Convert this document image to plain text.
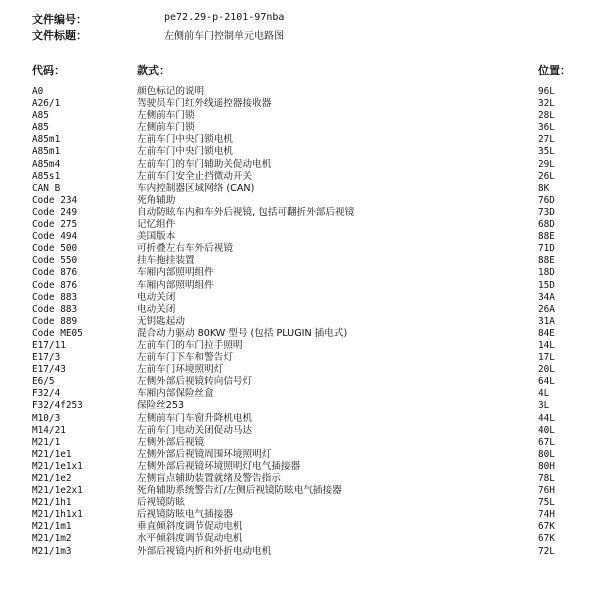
文件编号：	pe72.29-p-2101-97nba
文件标题：	左侧前车门控制单元电路图
代码：	款式：	位置：
A0	颜色标记的说明	96L
A26/1	驾驶员车门红外线遥控器接收器	32L
A85	左侧前车门锁	28L
A85	左侧前车门锁	36L
A85m1	左前车门中央门锁电机	27L
A85m1	左前车门中央门锁电机	35L
A85m4	左前车门的车门辅助关促动电机	29L
A85s1	左前车门安全止挡微动开关	26L
CAN B	车内控制器区域网络 (CAN)	8K
Code 234	死角辅助	76D
Code 249	自动防眩车内和车外后视镜, 包括可翻折外部后视镜	73D
Code 275	记忆组件	68D
Code 494	美国版本	88E
Code 500	可折叠左右车外后视镜	71D
Code 550	挂车拖挂装置	88E
Code 876	车厢内部照明组件	18D
Code 876	车厢内部照明组件	15D
Code 883	电动关闭	34A
Code 883	电动关闭	26A
Code 889	无钥匙起动	31A
Code ME05	混合动力驱动 80KW 型号 (包括 PLUGIN 插电式)	84E
E17/11	左前车门的车门拉手照明	14L
E17/3	左前车门下车和警告灯	17L
E17/43	左前车门环境照明灯	20L
E6/5	左侧外部后视镜转向信号灯	64L
F32/4	车厢内部保险丝盒	4L
F32/4f253	保险丝253	3L
M10/3	左侧前车门车窗升降机电机	44L
M14/21	左前车门电动关闭促动马达	40L
M21/1	左侧外部后视镜	67L
M21/1e1	左侧外部后视镜周围环境照明灯	80L
M21/1e1x1	左侧外部后视镜环境照明灯电气插接器	80H
M21/1e2	左侧盲点辅助装置就绪及警告指示	78L
M21/1e2x1	死角辅助系统警告灯/左侧后视镜防眩电气插接器	76H
M21/1h1	后视镜防眩	75L
M21/1h1x1	后视镜防眩电气插接器	74H
M21/1m1	垂直倾斜度调节促动电机	67K
M21/1m2	水平倾斜度调节促动电机	67K
M21/1m3	外部后视镜内折和外折电动电机	72L
